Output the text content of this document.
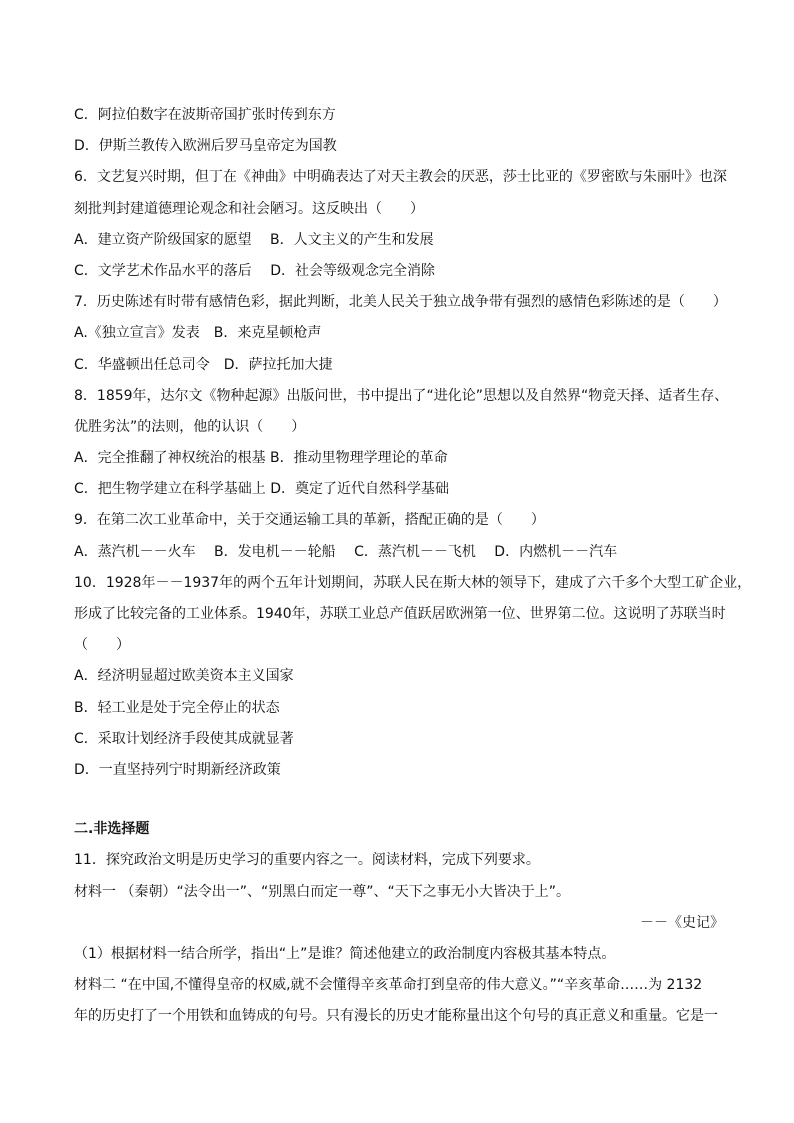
C．阿拉伯数字在波斯帝国扩张时传到东方
D．伊斯兰教传入欧洲后罗马皇帝定为国教
6．文艺复兴时期，但丁在《神曲》中明确表达了对天主教会的厌恶，莎士比亚的《罗密欧与朱丽叶》也深
刻批判封建道德理论观念和社会陋习。这反映出（　　）
A．建立资产阶级国家的愿望　 B．人文主义的产生和发展
C．文学艺术作品水平的落后　 D．社会等级观念完全消除
7．历史陈述有时带有感情色彩，据此判断，北美人民关于独立战争带有强烈的感情色彩陈述的是（　　）
A.《独立宣言》发表　B．来克星顿枪声
C．华盛顿出任总司令　D．萨拉托加大捷
8．1859年，达尔文《物种起源》出版问世，书中提出了“进化论”思想以及自然界“物竞天择、适者生存、
优胜劣汰”的法则，他的认识（　　）
A．完全推翻了神权统治的根基 B．推动里物理学理论的革命
C．把生物学建立在科学基础上 D．奠定了近代自然科学基础
9．在第二次工业革命中，关于交通运输工具的革新，搭配正确的是（　　）
A．蒸汽机－－火车　 B．发电机－－轮船　 C．蒸汽机－－飞机　 D．内燃机－－汽车
10．1928年－－1937年的两个五年计划期间，苏联人民在斯大林的领导下，建成了六千多个大型工矿企业，
形成了比较完备的工业体系。1940年，苏联工业总产值跃居欧洲第一位、世界第二位。这说明了苏联当时
（　　）
A．经济明显超过欧美资本主义国家
B．轻工业是处于完全停止的状态
C．采取计划经济手段使其成就显著
D．一直坚持列宁时期新经济政策
二.非选择题
11．探究政治文明是历史学习的重要内容之一。阅读材料，完成下列要求。
材料一 （秦朝）“法令出一”、“别黑白而定一尊”、“天下之事无小大皆决于上”。
－－《史记》
（1）根据材料一结合所学，指出“上”是谁？简述他建立的政治制度内容极其基本特点。
材料二 “在中国,不懂得皇帝的权威,就不会懂得辛亥革命打到皇帝的伟大意义。”“辛亥革命……为 2132
年的历史打了一个用铁和血铸成的句号。只有漫长的历史才能称量出这个句号的真正意义和重量。它是一
